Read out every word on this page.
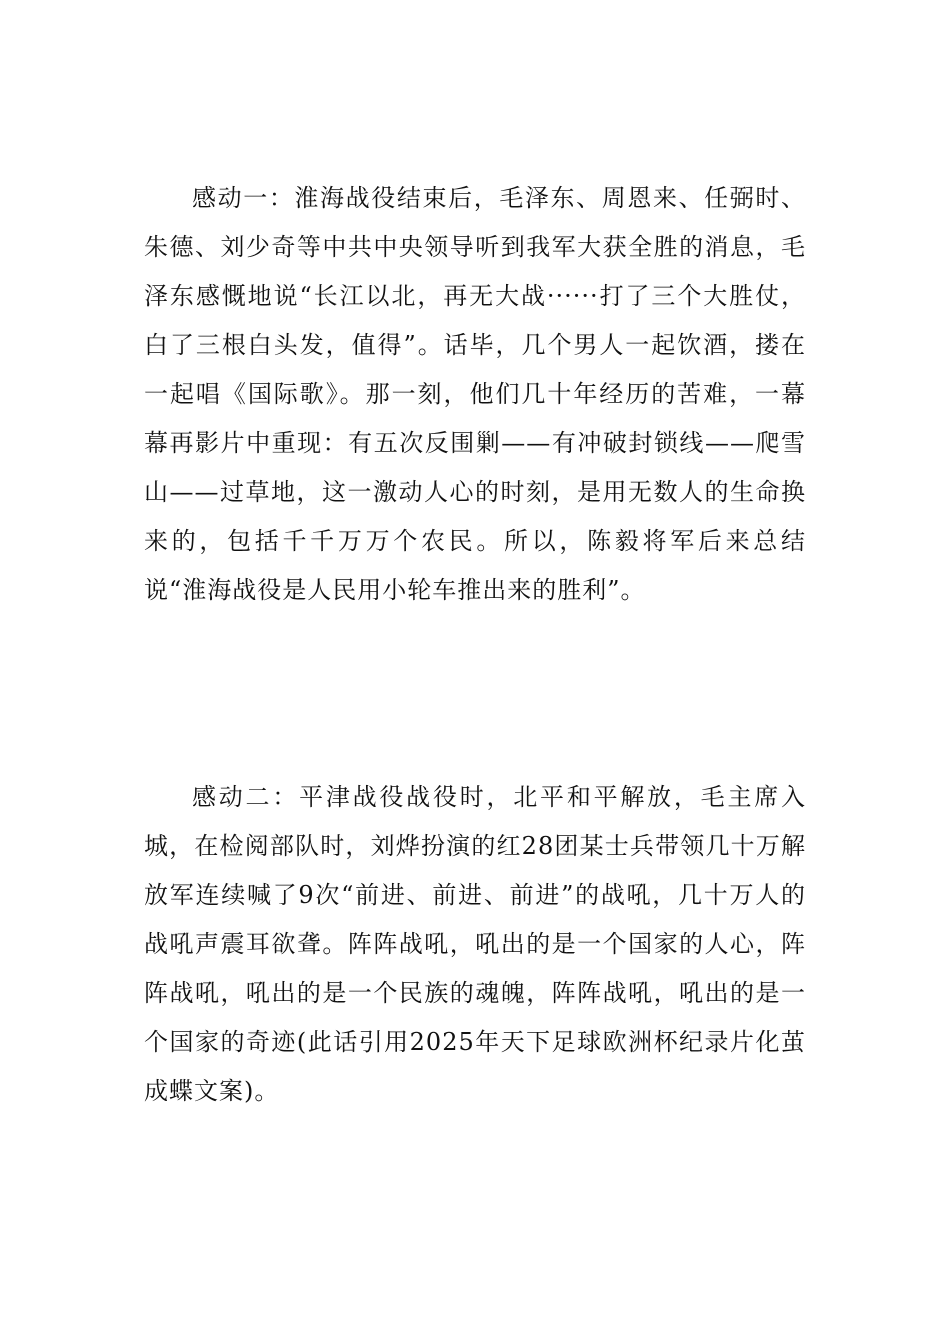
感动一：淮海战役结束后，毛泽东、周恩来、任弼时、朱德、刘少奇等中共中央领导听到我军大获全胜的消息，毛泽东感慨地说“长江以北，再无大战······打了三个大胜仗，白了三根白头发，值得”。话毕，几个男人一起饮酒，搂在一起唱《国际歌》。那一刻，他们几十年经历的苦难，一幕幕再影片中重现：有五次反围剿——有冲破封锁线——爬雪山——过草地，这一激动人心的时刻，是用无数人的生命换来的，包括千千万万个农民。所以，陈毅将军后来总结说“淮海战役是人民用小轮车推出来的胜利”。

感动二：平津战役战役时，北平和平解放，毛主席入城，在检阅部队时，刘烨扮演的红28团某士兵带领几十万解放军连续喊了9次“前进、前进、前进”的战吼，几十万人的战吼声震耳欲聋。阵阵战吼，吼出的是一个国家的人心，阵阵战吼，吼出的是一个民族的魂魄，阵阵战吼，吼出的是一个国家的奇迹(此话引用2025年天下足球欧洲杯纪录片化茧成蝶文案)。
